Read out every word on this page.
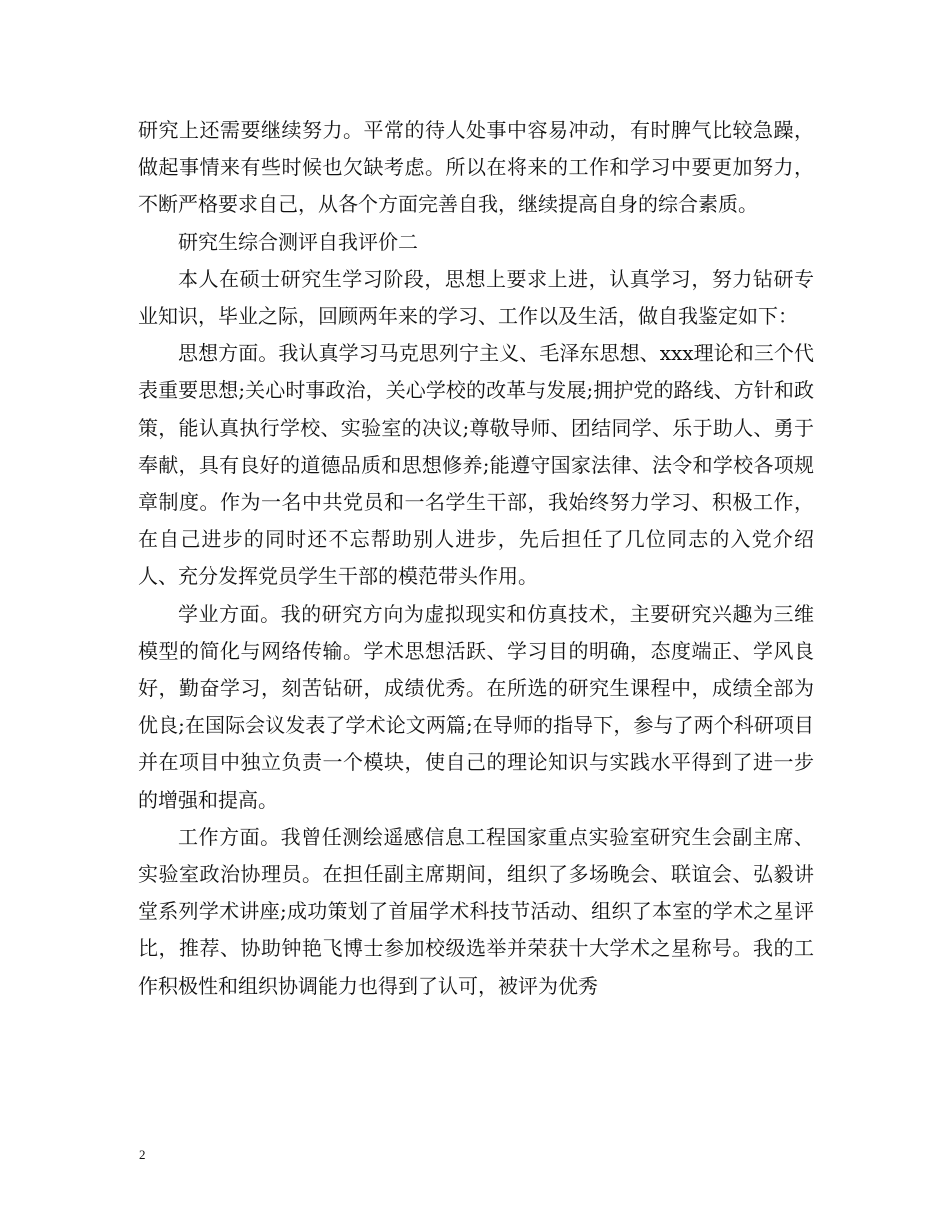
研究上还需要继续努力。平常的待人处事中容易冲动，有时脾气比较急躁，做起事情来有些时候也欠缺考虑。所以在将来的工作和学习中要更加努力，不断严格要求自己，从各个方面完善自我，继续提高自身的综合素质。

研究生综合测评自我评价二

本人在硕士研究生学习阶段，思想上要求上进，认真学习，努力钻研专业知识，毕业之际，回顾两年来的学习、工作以及生活，做自我鉴定如下：

思想方面。我认真学习马克思列宁主义、毛泽东思想、xxx理论和三个代表重要思想;关心时事政治，关心学校的改革与发展;拥护党的路线、方针和政策，能认真执行学校、实验室的决议;尊敬导师、团结同学、乐于助人、勇于奉献，具有良好的道德品质和思想修养;能遵守国家法律、法令和学校各项规章制度。作为一名中共党员和一名学生干部，我始终努力学习、积极工作，在自己进步的同时还不忘帮助别人进步，先后担任了几位同志的入党介绍人、充分发挥党员学生干部的模范带头作用。

学业方面。我的研究方向为虚拟现实和仿真技术，主要研究兴趣为三维模型的简化与网络传输。学术思想活跃、学习目的明确，态度端正、学风良好，勤奋学习，刻苦钻研，成绩优秀。在所选的研究生课程中，成绩全部为优良;在国际会议发表了学术论文两篇;在导师的指导下，参与了两个科研项目并在项目中独立负责一个模块，使自己的理论知识与实践水平得到了进一步的增强和提高。

工作方面。我曾任测绘遥感信息工程国家重点实验室研究生会副主席、实验室政治协理员。在担任副主席期间，组织了多场晚会、联谊会、弘毅讲堂系列学术讲座;成功策划了首届学术科技节活动、组织了本室的学术之星评比，推荐、协助钟艳飞博士参加校级选举并荣获十大学术之星称号。我的工作积极性和组织协调能力也得到了认可，被评为优秀

2
